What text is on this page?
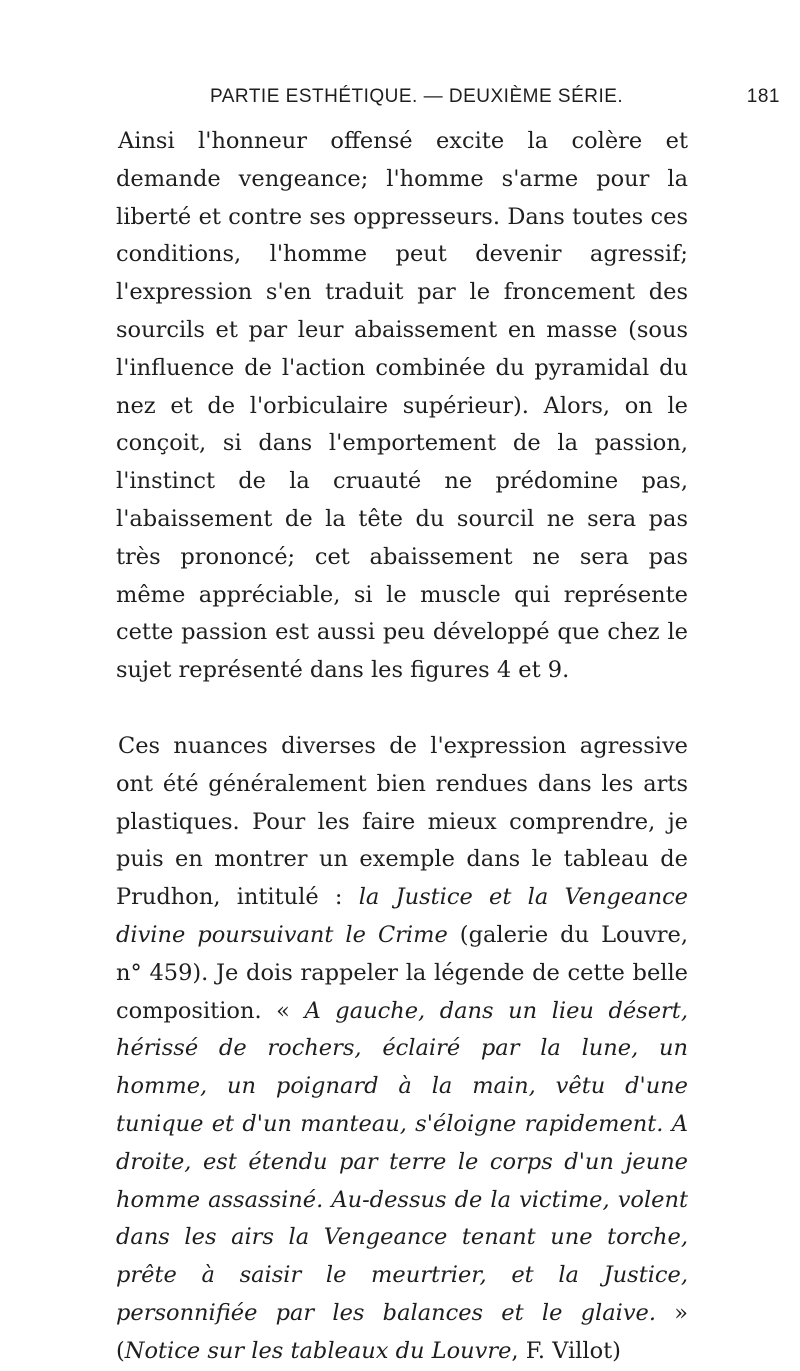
PARTIE ESTHÉTIQUE. — DEUXIÈME SÉRIE.	181

Ainsi l'honneur offensé excite la colère et demande vengeance; l'homme s'arme pour la liberté et contre ses oppresseurs. Dans toutes ces conditions, l'homme peut devenir agressif; l'expression s'en traduit par le froncement des sourcils et par leur abaissement en masse (sous l'influence de l'action combinée du pyramidal du nez et de l'orbiculaire supérieur). Alors, on le conçoit, si dans l'emportement de la passion, l'instinct de la cruauté ne prédomine pas, l'abaissement de la tête du sourcil ne sera pas très prononcé; cet abaissement ne sera pas même appréciable, si le muscle qui représente cette passion est aussi peu développé que chez le sujet représenté dans les figures 4 et 9.

Ces nuances diverses de l'expression agressive ont été généralement bien rendues dans les arts plastiques. Pour les faire mieux comprendre, je puis en montrer un exemple dans le tableau de Prudhon, intitulé : la Justice et la Vengeance divine poursuivant le Crime (galerie du Louvre, n° 459). Je dois rappeler la légende de cette belle composition. « A gauche, dans un lieu désert, hérissé de rochers, éclairé par la lune, un homme, un poignard à la main, vêtu d'une tunique et d'un manteau, s'éloigne rapidement. A droite, est étendu par terre le corps d'un jeune homme assassiné. Au-dessus de la victime, volent dans les airs la Vengeance tenant une torche, prête à saisir le meurtrier, et la Justice, personnifiée par les balances et le glaive. » (Notice sur les tableaux du Louvre, F. Villot)
